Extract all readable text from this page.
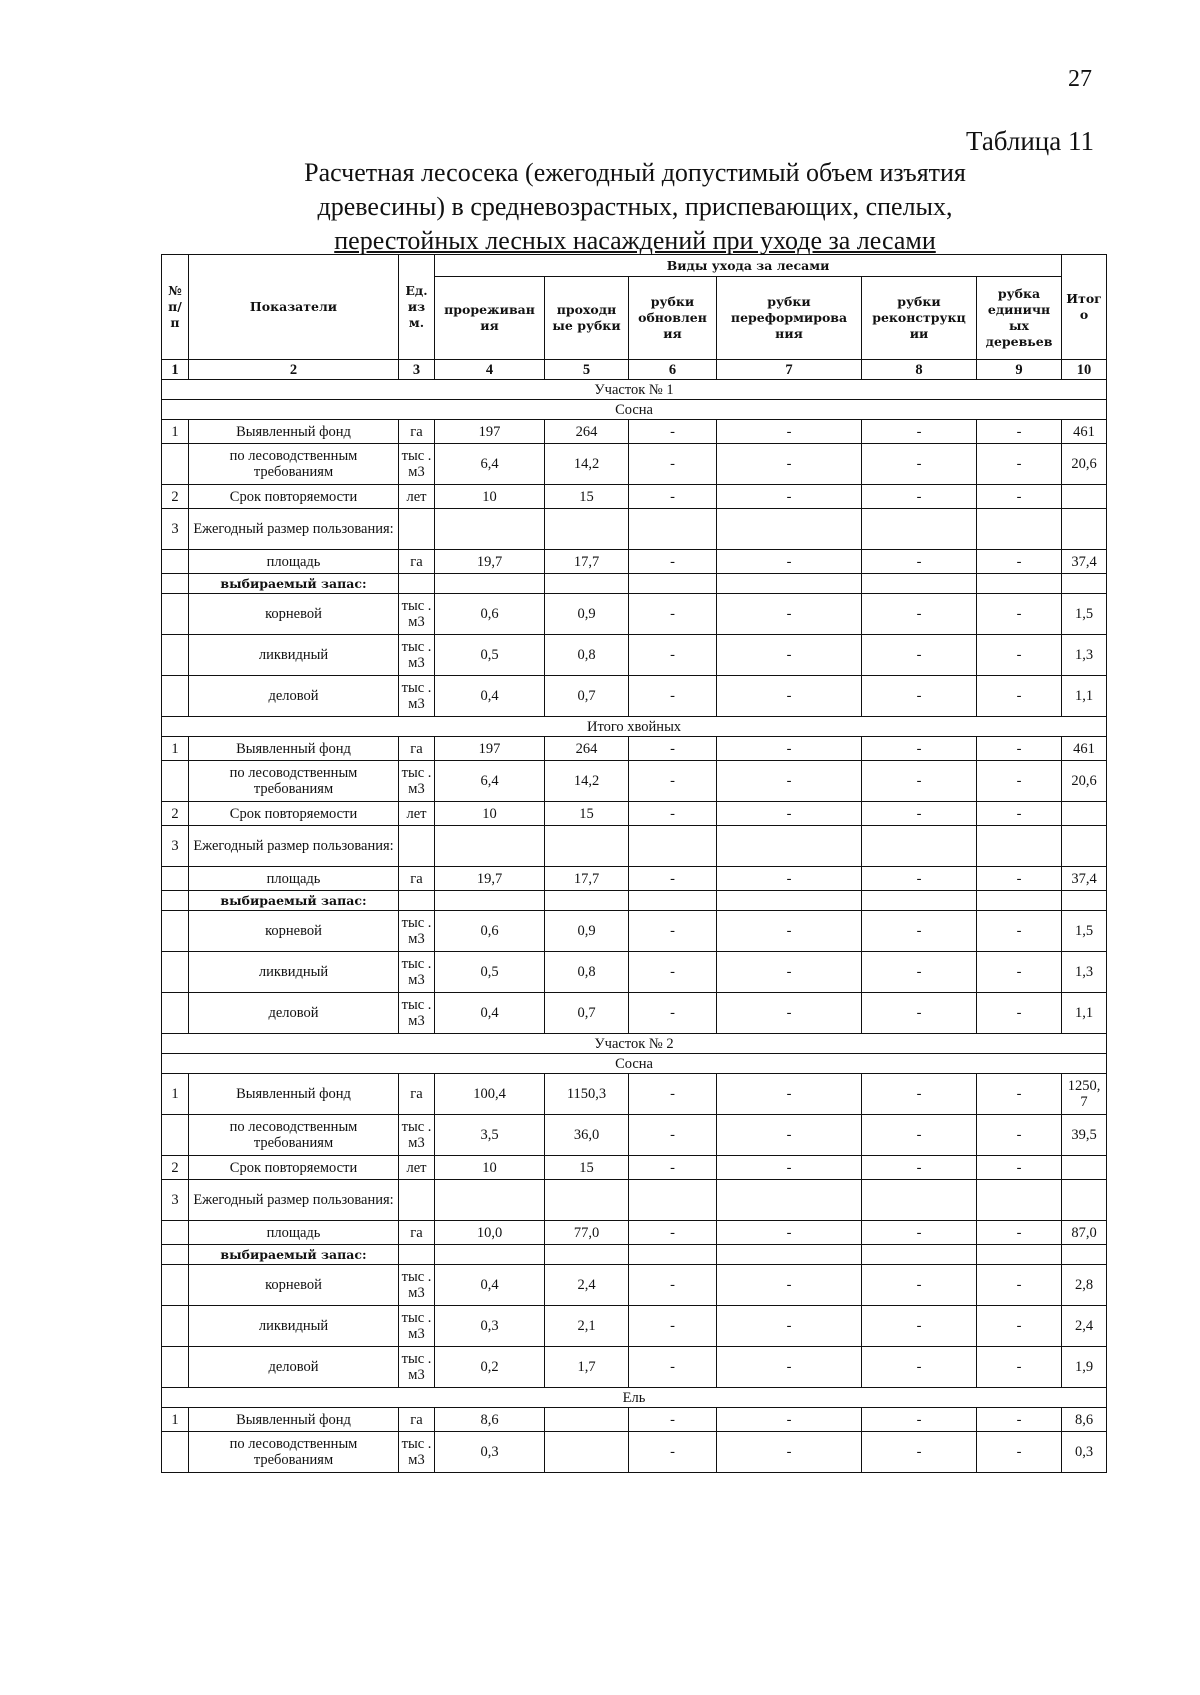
27
Таблица 11
Расчетная лесосека (ежегодный допустимый объем изъятия
древесины) в средневозрастных, приспевающих, спелых,
перестойных лесных насаждений при уходе за лесами
№ п/ п	Показатели	Ед. из м.	Виды ухода за лесами						Итог о
			прореживан ия	проходн ые рубки	рубки обновлен ия	рубки переформирова ния	рубки реконструкц ии	рубка единичн ых деревьев	
1	2	3	4	5	6	7	8	9	10
Участок № 1									
Сосна									
1	Выявленный фонд	га	197	264	-	-	-	-	461
	по лесоводственным требованиям	тыс . м3	6,4	14,2	-	-	-	-	20,6
2	Срок повторяемости	лет	10	15	-	-	-	-	
3	Ежегодный размер пользования:								
	площадь	га	19,7	17,7	-	-	-	-	37,4
	выбираемый запас:								
	корневой	тыс . м3	0,6	0,9	-	-	-	-	1,5
	ликвидный	тыс . м3	0,5	0,8	-	-	-	-	1,3
	деловой	тыс . м3	0,4	0,7	-	-	-	-	1,1
Итого хвойных									
1	Выявленный фонд	га	197	264	-	-	-	-	461
	по лесоводственным требованиям	тыс . м3	6,4	14,2	-	-	-	-	20,6
2	Срок повторяемости	лет	10	15	-	-	-	-	
3	Ежегодный размер пользования:								
	площадь	га	19,7	17,7	-	-	-	-	37,4
	выбираемый запас:								
	корневой	тыс . м3	0,6	0,9	-	-	-	-	1,5
	ликвидный	тыс . м3	0,5	0,8	-	-	-	-	1,3
	деловой	тыс . м3	0,4	0,7	-	-	-	-	1,1
Участок № 2									
Сосна									
1	Выявленный фонд	га	100,4	1150,3	-	-	-	-	1250, 7
	по лесоводственным требованиям	тыс . м3	3,5	36,0	-	-	-	-	39,5
2	Срок повторяемости	лет	10	15	-	-	-	-	
3	Ежегодный размер пользования:								
	площадь	га	10,0	77,0	-	-	-	-	87,0
	выбираемый запас:								
	корневой	тыс . м3	0,4	2,4	-	-	-	-	2,8
	ликвидный	тыс . м3	0,3	2,1	-	-	-	-	2,4
	деловой	тыс . м3	0,2	1,7	-	-	-	-	1,9
Ель									
1	Выявленный фонд	га	8,6		-	-	-	-	8,6
	по лесоводственным требованиям	тыс . м3	0,3		-	-	-	-	0,3
